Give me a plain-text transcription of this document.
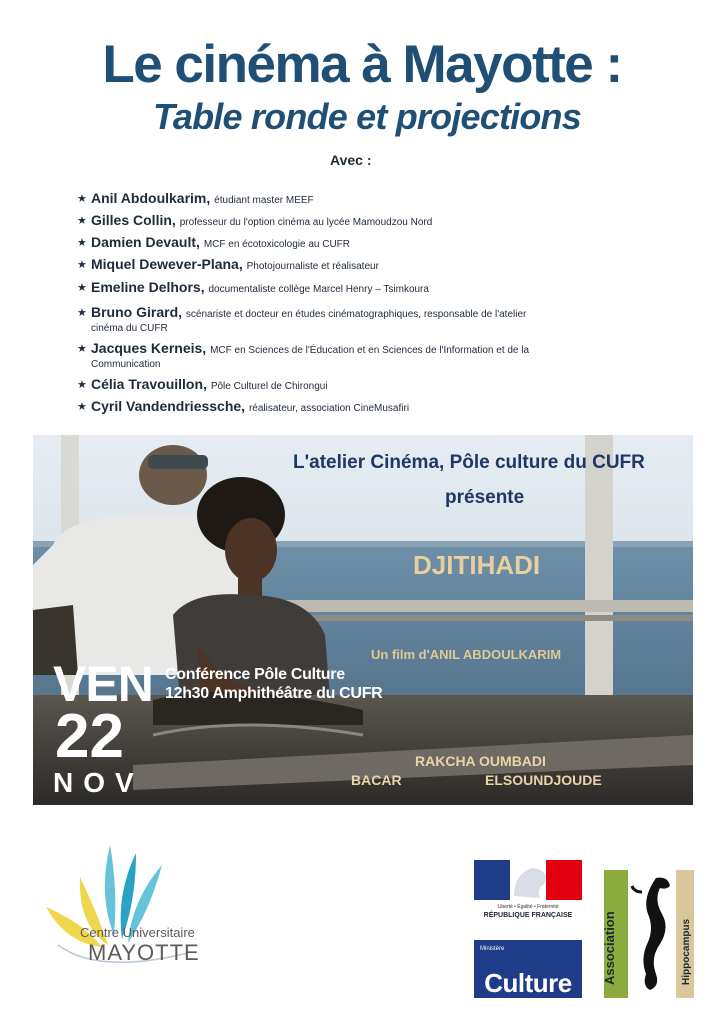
Le cinéma à Mayotte :
Table ronde et projections
Avec :
★ Anil Abdoulkarim, étudiant master MEEF
★ Gilles Collin, professeur du l'option cinéma au lycée Mamoudzou Nord
★ Damien Devault, MCF en écotoxicologie au CUFR
★ Miquel Dewever-Plana, Photojournaliste et réalisateur
★ Emeline Delhors, documentaliste collège Marcel Henry – Tsimkoura
★ Bruno Girard, scénariste et docteur en études cinématographiques, responsable de l'atelier
cinéma du CUFR
★ Jacques Kerneis, MCF en Sciences de l'Éducation et en Sciences de l'Information et de la
Communication
★ Célia Travouillon, Pôle Culturel de Chirongui
★ Cyril Vandendriessche, réalisateur, association CineMusafiri
L'atelier Cinéma, Pôle culture du CUFR
présente
DJITIHADI
Un film d'ANIL ABDOULKARIM
VEN
22
NOV
Conférence Pôle Culture
12h30 Amphithéâtre du CUFR
RAKCHA OUMBADI
BACAR	ELSOUNDJOUDE
Centre Universitaire
MAYOTTE
Liberté • Égalité • Fraternité
RÉPUBLIQUE FRANÇAISE
Ministère
Culture	Association	Hippocampus
